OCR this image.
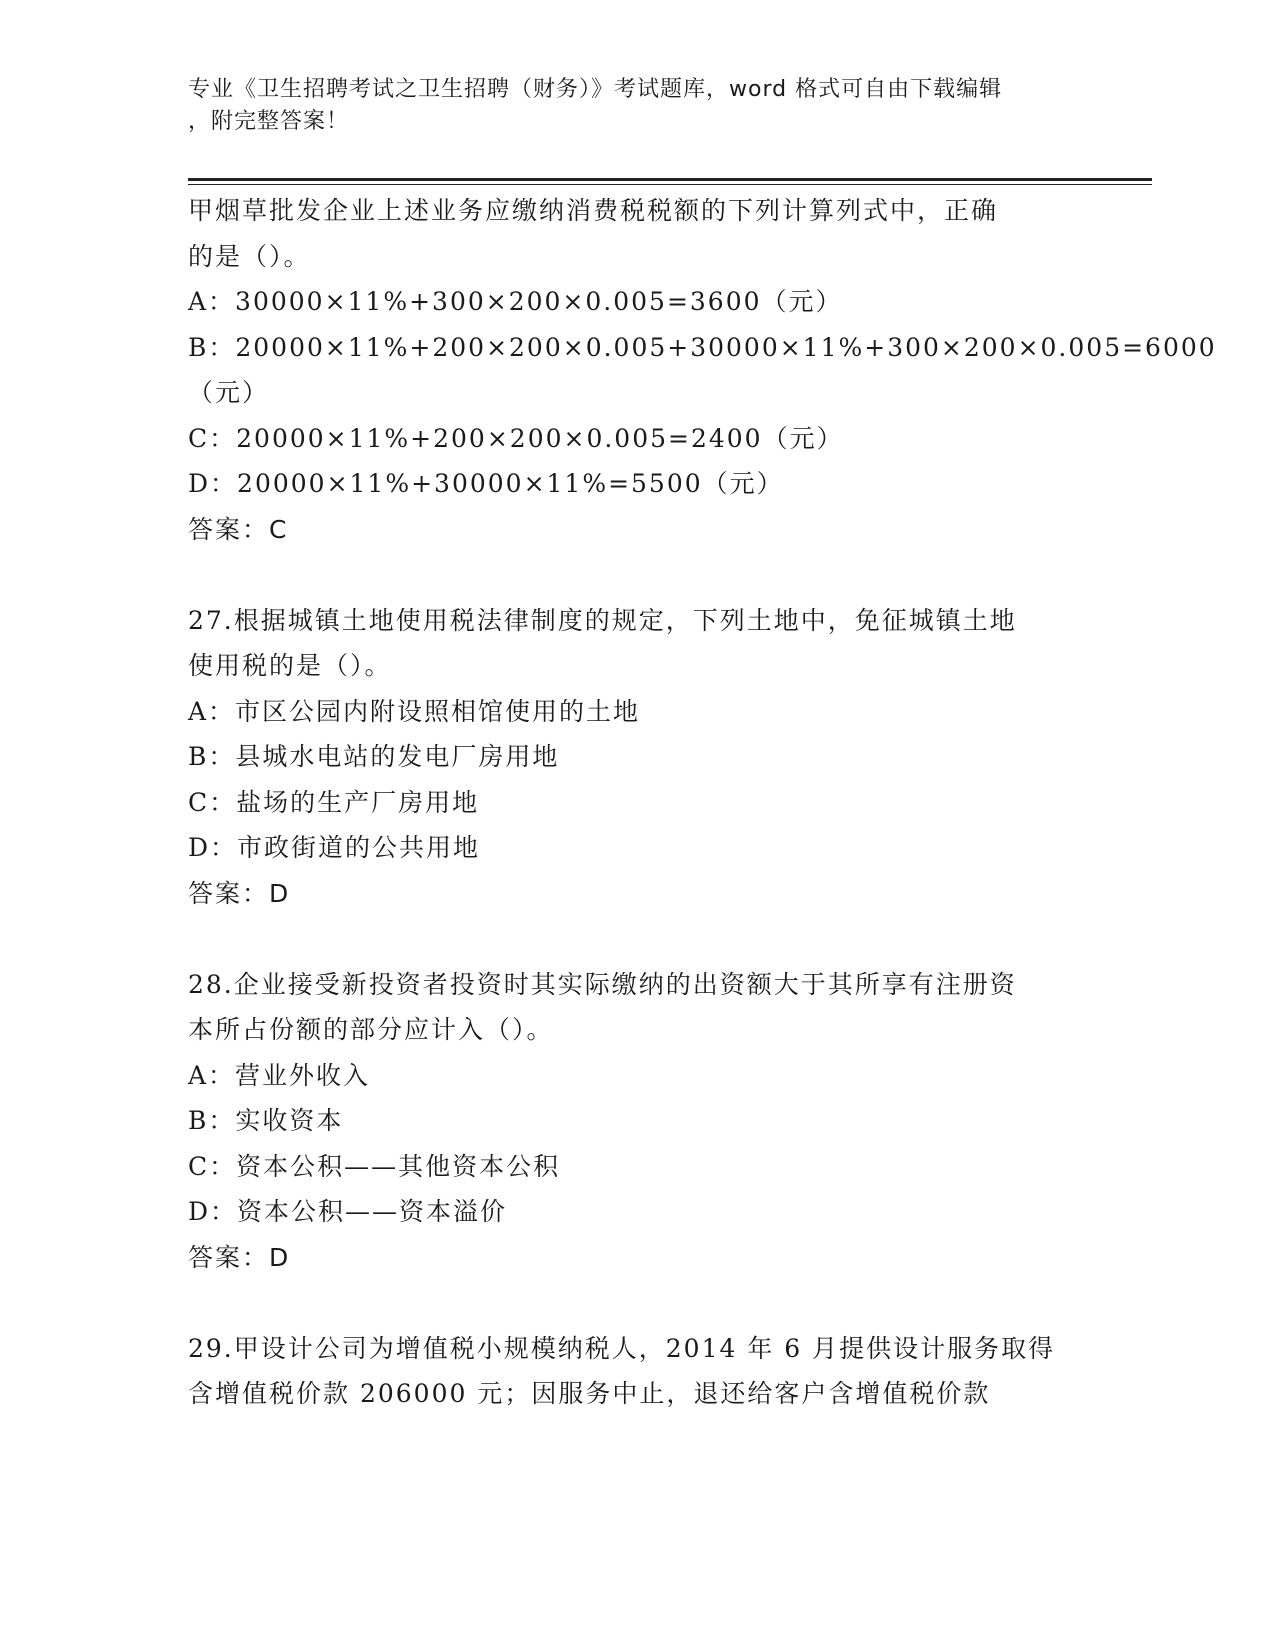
专业《卫生招聘考试之卫生招聘（财务）》考试题库，word 格式可自由下载编辑
，附完整答案！

甲烟草批发企业上述业务应缴纳消费税税额的下列计算列式中，正确

的是（）。

A：30000×11%+300×200×0.005=3600（元）

B：20000×11%+200×200×0.005+30000×11%+300×200×0.005=6000

（元）

C：20000×11%+200×200×0.005=2400（元）

D：20000×11%+30000×11%=5500（元）

答案：C

27.根据城镇土地使用税法律制度的规定，下列土地中，免征城镇土地

使用税的是（）。

A：市区公园内附设照相馆使用的土地

B：县城水电站的发电厂房用地

C：盐场的生产厂房用地

D：市政街道的公共用地

答案：D

28.企业接受新投资者投资时其实际缴纳的出资额大于其所享有注册资

本所占份额的部分应计入（）。

A：营业外收入

B：实收资本

C：资本公积——其他资本公积

D：资本公积——资本溢价

答案：D

29.甲设计公司为增值税小规模纳税人，2014 年 6 月提供设计服务取得

含增值税价款 206000 元；因服务中止，退还给客户含增值税价款
